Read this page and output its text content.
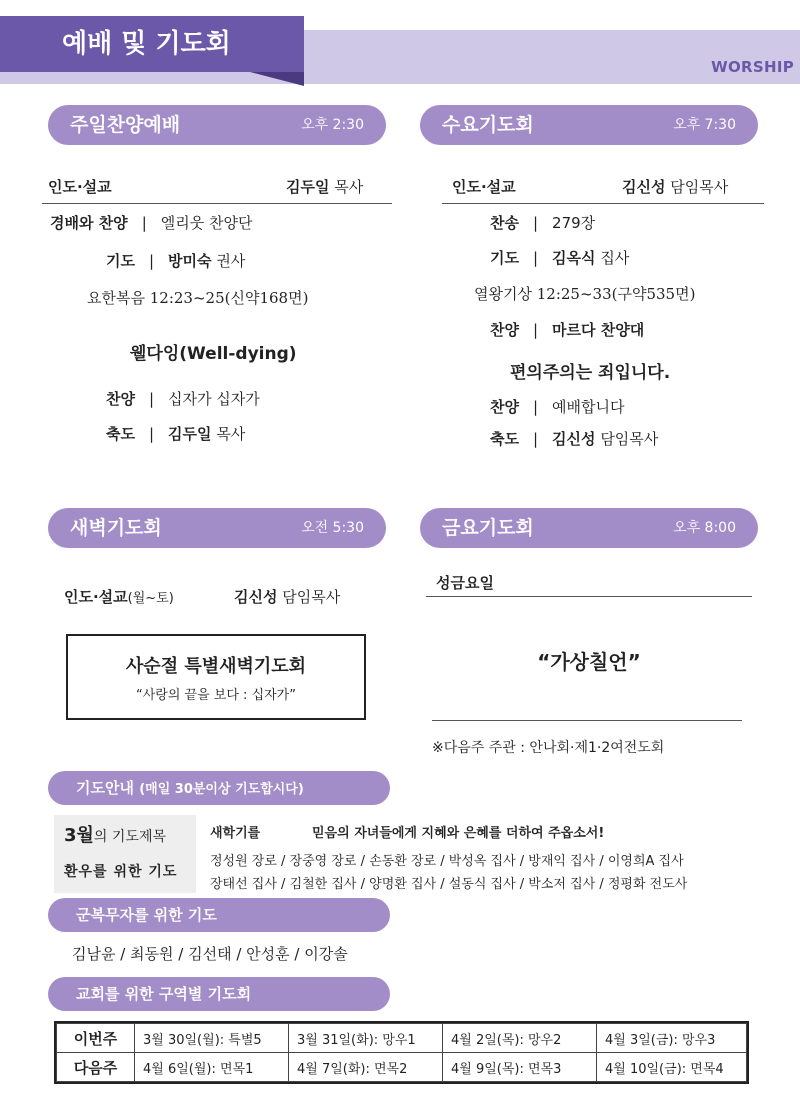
예배 및 기도회
WORSHIP
주일찬양예배	오후 2:30
인도·설교	김두일 목사
경배와 찬양 | 엘리웃 찬양단
기도 | 방미숙 권사
요한복음 12:23~25(신약168면)
웰다잉(Well-dying)
찬양 | 십자가 십자가
축도 | 김두일 목사
수요기도회	오후 7:30
인도·설교	김신성 담임목사
찬송 | 279장
기도 | 김옥식 집사
열왕기상 12:25~33(구약535면)
찬양 | 마르다 찬양대
편의주의는 죄입니다.
찬양 | 예배합니다
축도 | 김신성 담임목사
새벽기도회	오전 5:30
인도·설교(월~토)	김신성 담임목사
사순절 특별새벽기도회
“사랑의 끝을 보다 : 십자가”
금요기도회	오후 8:00
성금요일
“가상칠언”
※다음주 주관 : 안나회·제1·2여전도회
기도안내 (매일 30분이상 기도합시다)
3월의 기도제목
환우를 위한 기도
새학기를	믿음의 자녀들에게 지혜와 은혜를 더하여 주옵소서!
정성원 장로 / 장중영 장로 / 손동환 장로 / 박성옥 집사 / 방재익 집사 / 이영희A 집사
장태선 집사 / 김철한 집사 / 양명환 집사 / 설동식 집사 / 박소저 집사 / 정평화 전도사
군복무자를 위한 기도
김남윤 / 최동원 / 김선태 / 안성훈 / 이강솔
교회를 위한 구역별 기도회
이번주	3월 30일(월): 특별5	3월 31일(화): 망우1	4월 2일(목): 망우2	4월 3일(금): 망우3
다음주	4월 6일(월): 면목1	4월 7일(화): 면목2	4월 9일(목): 면목3	4월 10일(금): 면목4
